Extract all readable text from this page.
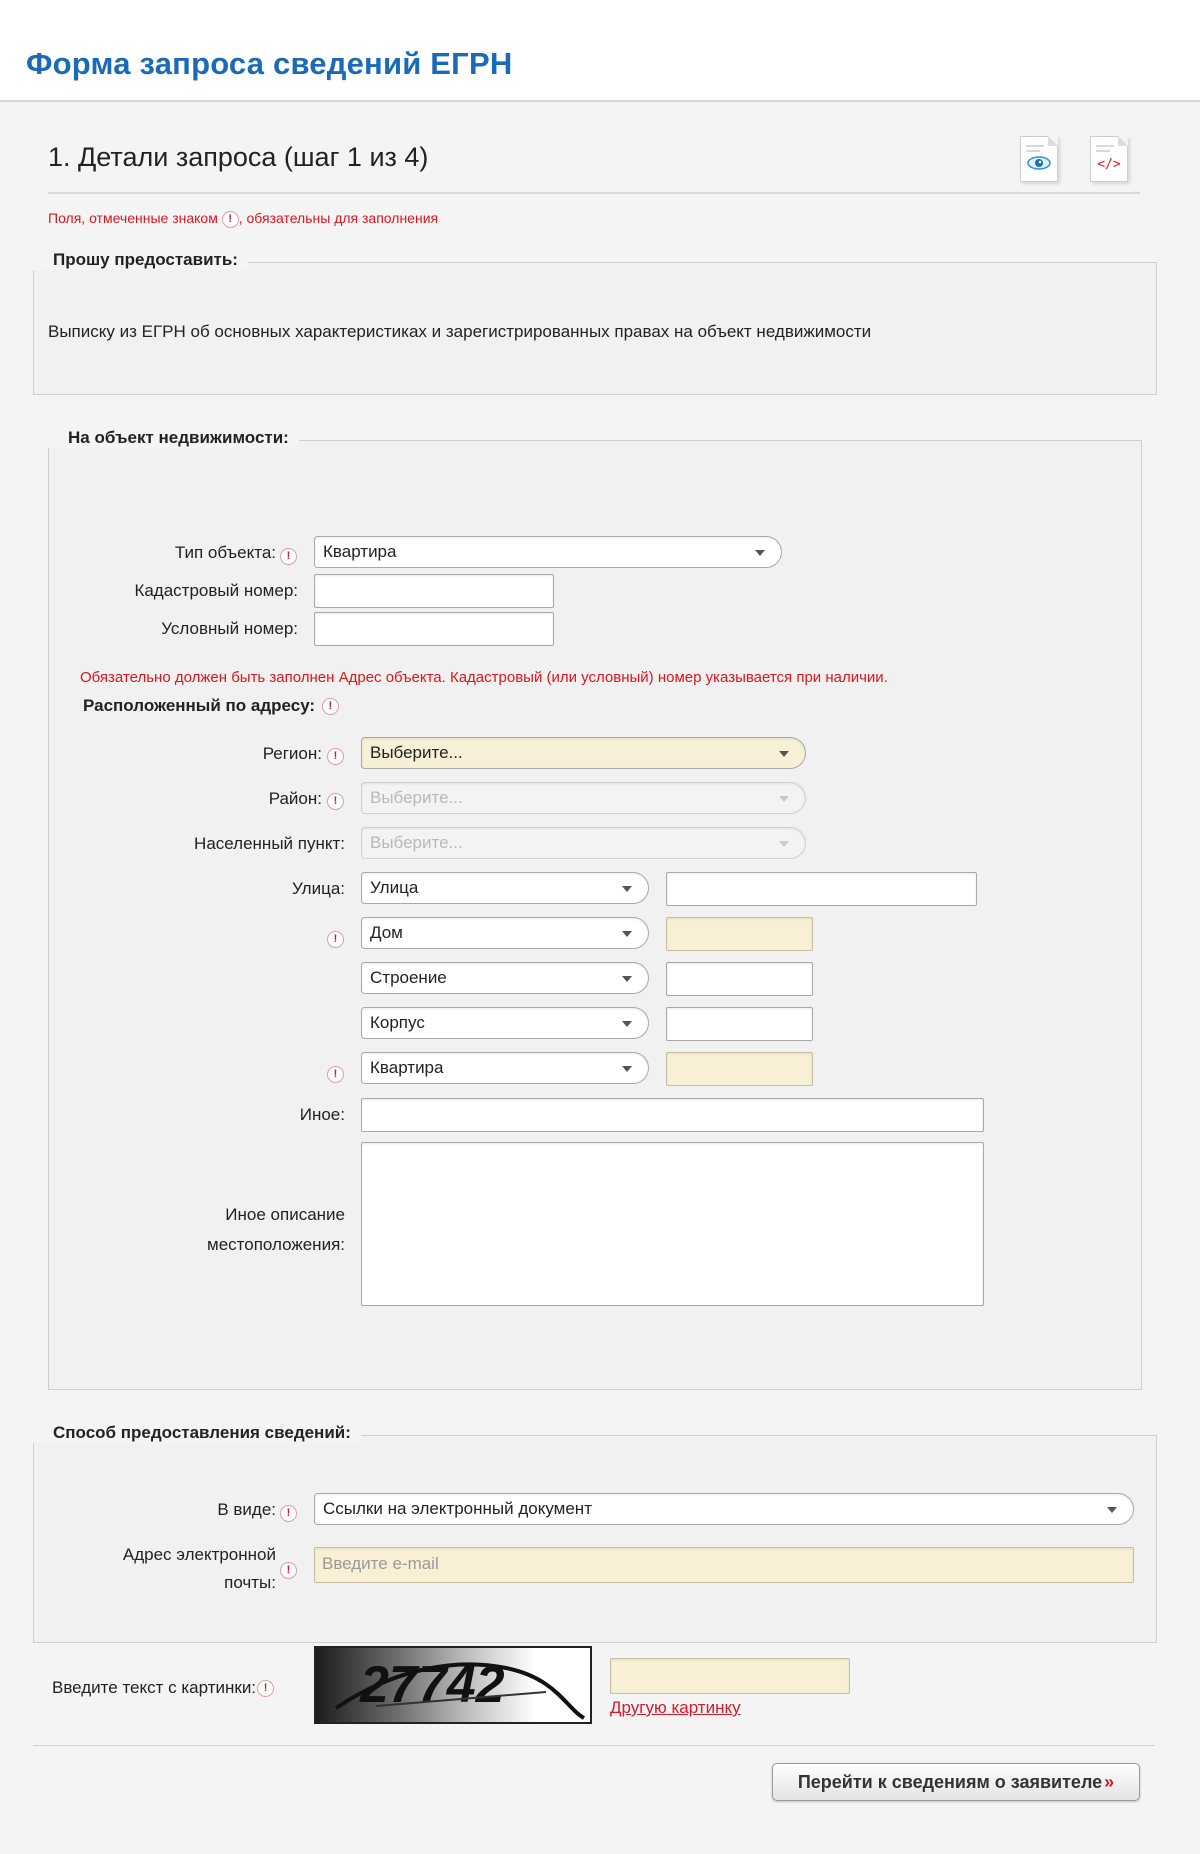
Форма запроса сведений ЕГРН
1. Детали запроса (шаг 1 из 4)	</>
Поля, отмеченные знаком ! , обязательны для заполнения
Прошу предоставить:
Выписку из ЕГРН об основных характеристиках и зарегистрированных правах на объект недвижимости
На объект недвижимости:
Тип объекта: !	Квартира
Кадастровый номер:
Условный номер:
Обязательно должен быть заполнен Адрес объекта. Кадастровый (или условный) номер указывается при наличии.
Расположенный по адресу: !
Регион:	!	Выберите...
Район:	!	Выберите...
Населенный пункт:	Выберите...
Улица:	Улица
!	Дом
Строение
Корпус
!	Квартира
Иное:
Иное описание
местоположения:
Способ предоставления сведений:
В виде: !	Ссылки на электронный документ
Адрес электронной
почты:
!	Введите e-mail
Введите текст с картинки: ! 27742	Другую картинку
Перейти к сведениям о заявителе »
